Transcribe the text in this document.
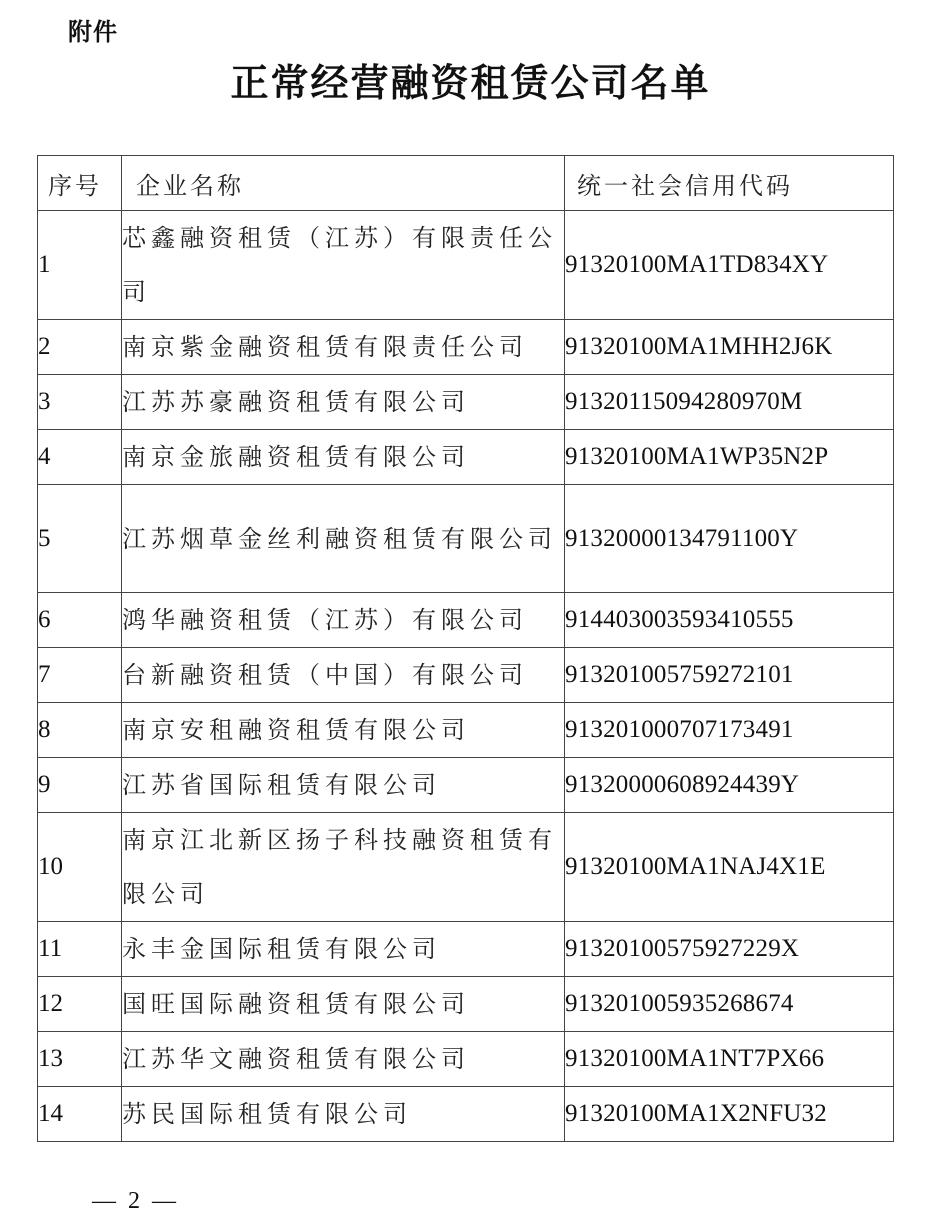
附件
正常经营融资租赁公司名单
序号	企业名称	统一社会信用代码
1	芯鑫融资租赁（江苏）有限责任公司	91320100MA1TD834XY
2	南京紫金融资租赁有限责任公司	91320100MA1MHH2J6K
3	江苏苏豪融资租赁有限公司	91320115094280970M
4	南京金旅融资租赁有限公司	91320100MA1WP35N2P
5	江苏烟草金丝利融资租赁有限公司	91320000134791100Y
6	鸿华融资租赁（江苏）有限公司	914403003593410555
7	台新融资租赁（中国）有限公司	913201005759272101
8	南京安租融资租赁有限公司	913201000707173491
9	江苏省国际租赁有限公司	91320000608924439Y
10	南京江北新区扬子科技融资租赁有限公司	91320100MA1NAJ4X1E
11	永丰金国际租赁有限公司	91320100575927229X
12	国旺国际融资租赁有限公司	913201005935268674
13	江苏华文融资租赁有限公司	91320100MA1NT7PX66
14	苏民国际租赁有限公司	91320100MA1X2NFU32
— 2 —
